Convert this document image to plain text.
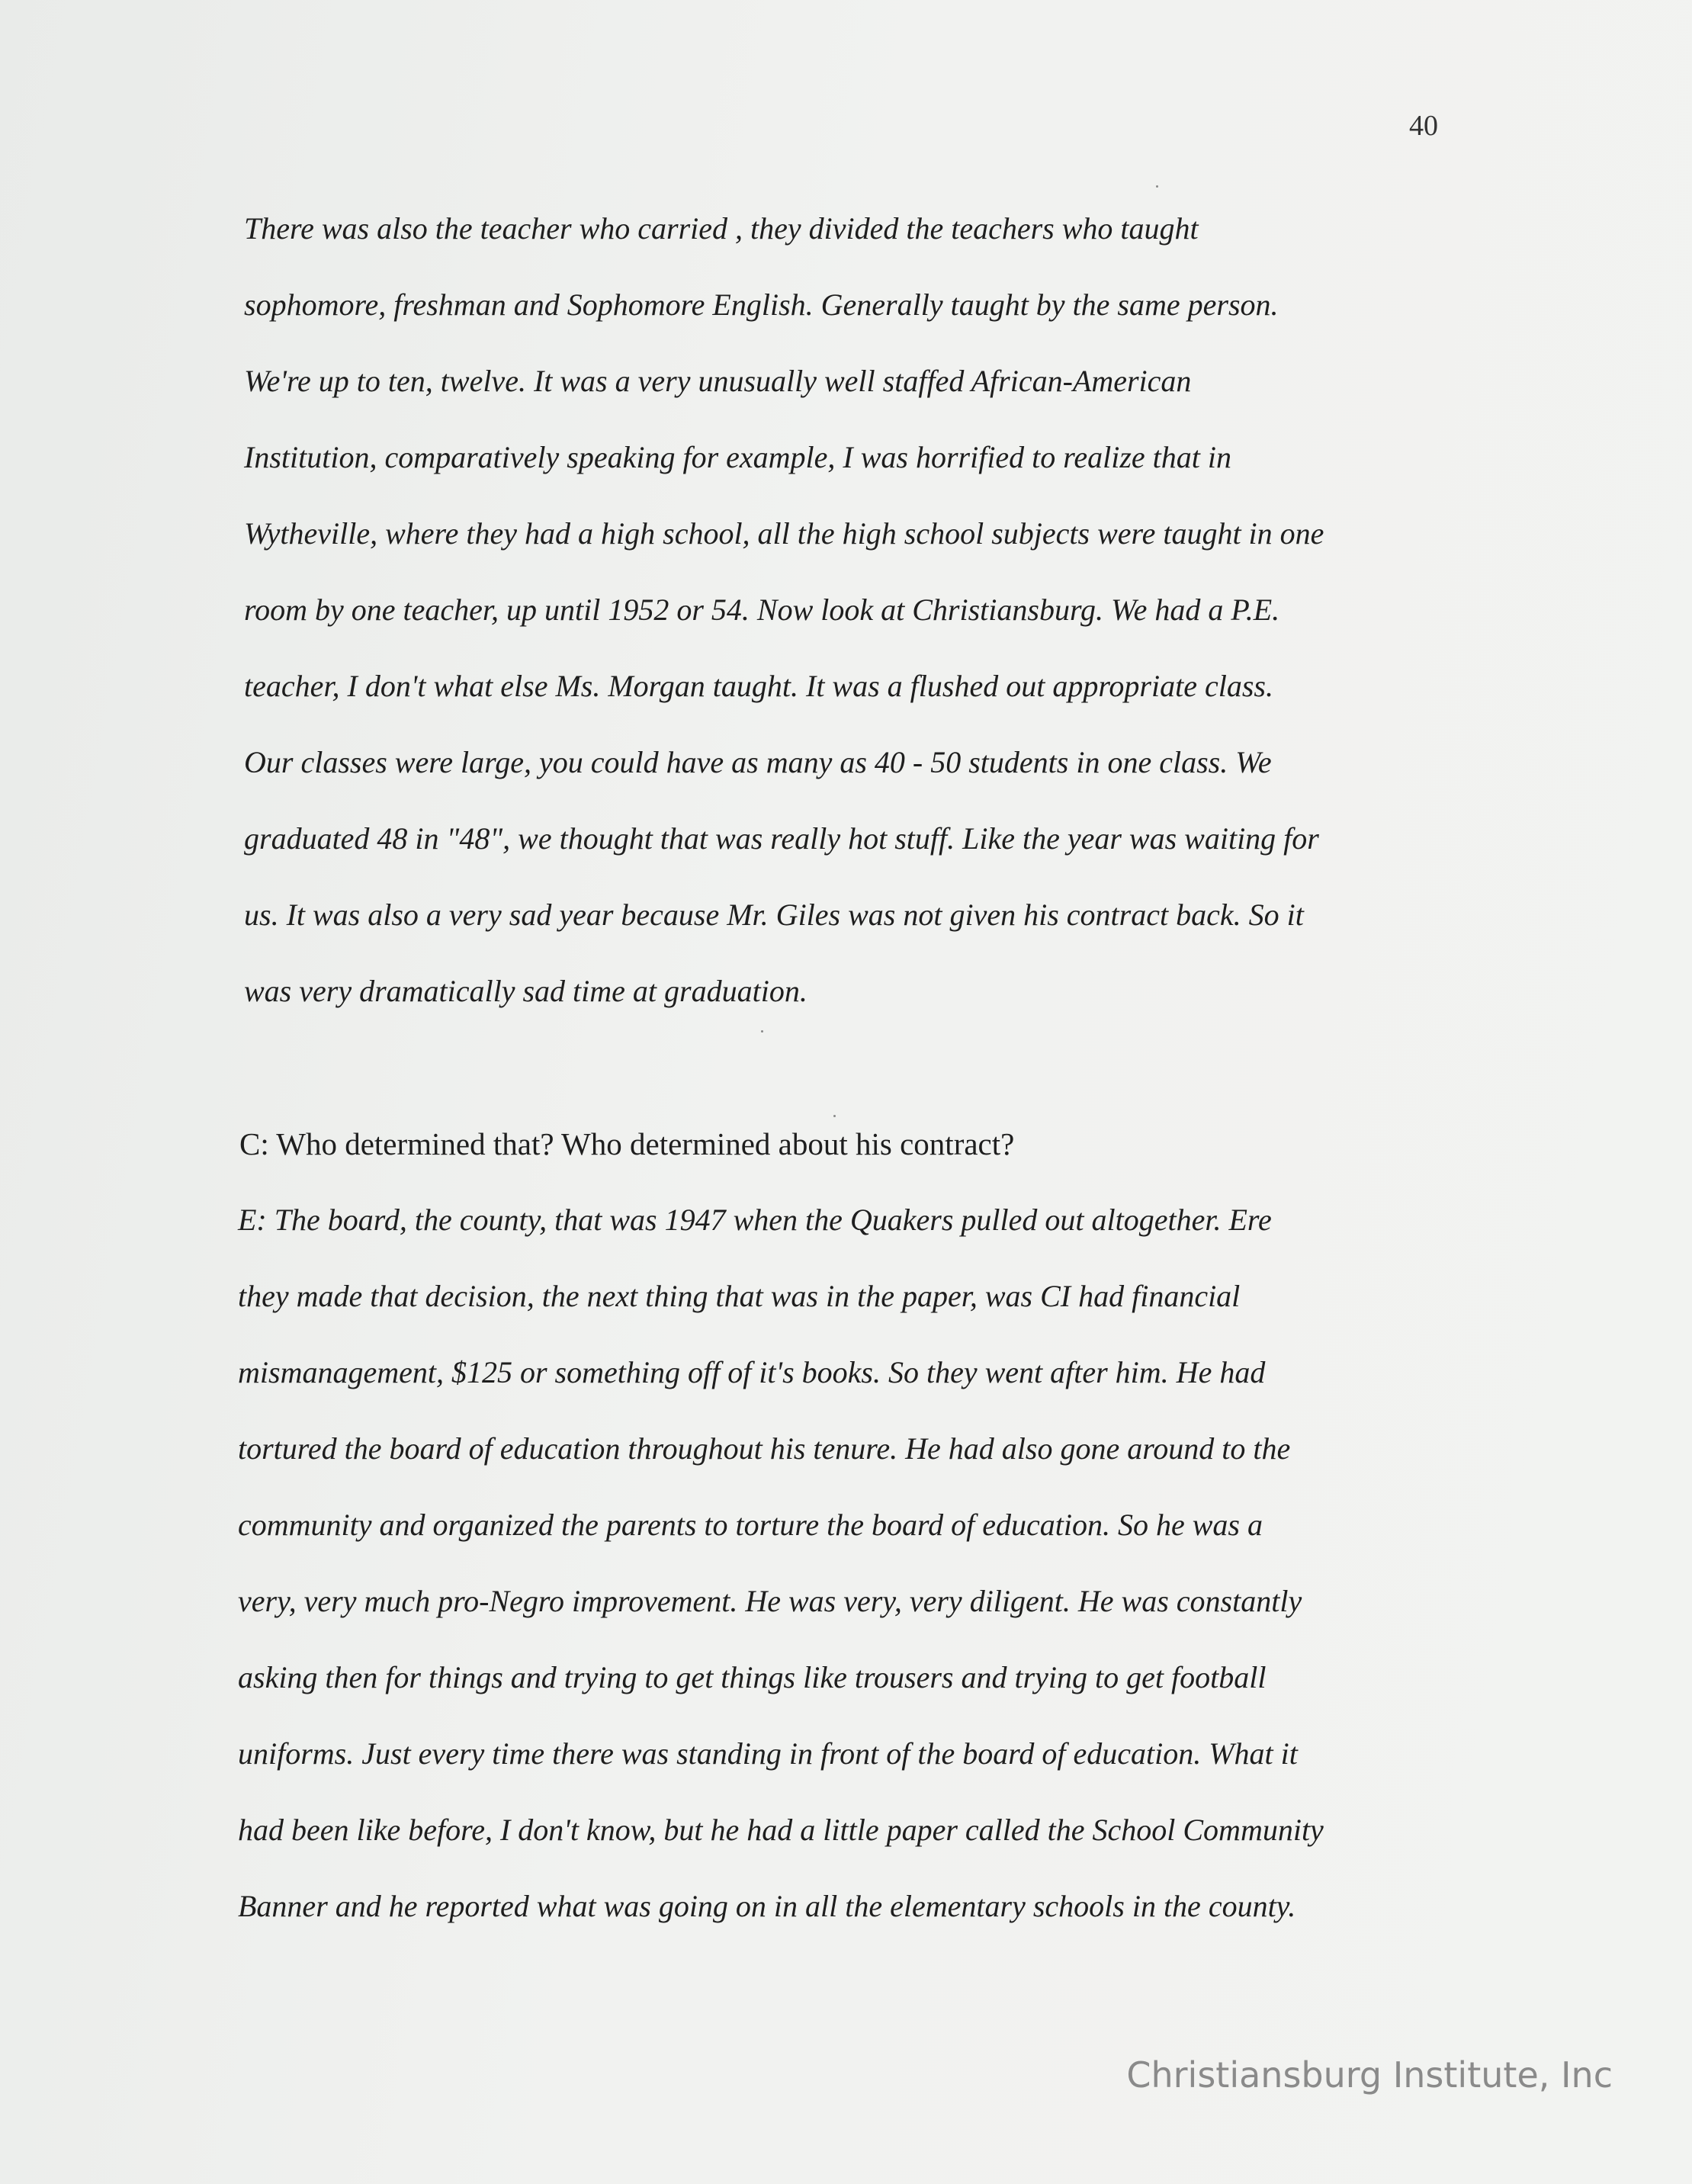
40
There was also the teacher who carried , they divided the teachers who taught
sophomore, freshman and Sophomore English. Generally taught by the same person.
We're up to ten, twelve. It was a very unusually well staffed African-American
Institution, comparatively speaking for example, I was horrified to realize that in
Wytheville, where they had a high school, all the high school subjects were taught in one
room by one teacher, up until 1952 or 54. Now look at Christiansburg. We had a P.E.
teacher, I don't what else Ms. Morgan taught. It was a flushed out appropriate class.
Our classes were large, you could have as many as 40 - 50 students in one class. We
graduated 48 in "48", we thought that was really hot stuff. Like the year was waiting for
us. It was also a very sad year because Mr. Giles was not given his contract back. So it
was very dramatically sad time at graduation.
C: Who determined that? Who determined about his contract?
E: The board, the county, that was 1947 when the Quakers pulled out altogether. Ere
they made that decision, the next thing that was in the paper, was CI had financial
mismanagement, $125 or something off of it's books. So they went after him. He had
tortured the board of education throughout his tenure. He had also gone around to the
community and organized the parents to torture the board of education. So he was a
very, very much pro-Negro improvement. He was very, very diligent. He was constantly
asking then for things and trying to get things like trousers and trying to get football
uniforms. Just every time there was standing in front of the board of education. What it
had been like before, I don't know, but he had a little paper called the School Community
Banner and he reported what was going on in all the elementary schools in the county.
Christiansburg Institute, Inc
